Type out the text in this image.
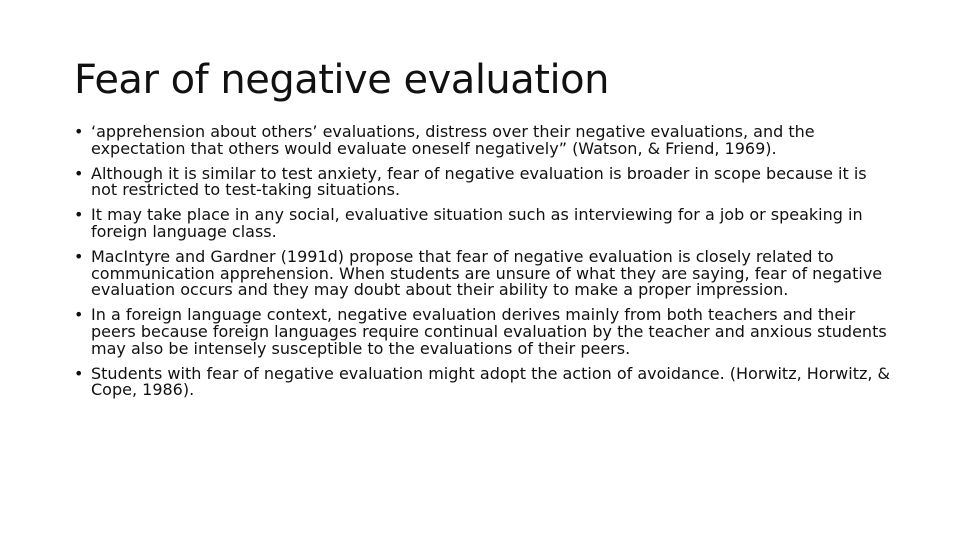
Fear of negative evaluation
• ‘apprehension about others’ evaluations, distress over their negative evaluations, and the expectation that others would evaluate oneself negatively” (Watson, & Friend, 1969).
• Although it is similar to test anxiety, fear of negative evaluation is broader in scope because it is not restricted to test-taking situations.
• It may take place in any social, evaluative situation such as interviewing for a job or speaking in foreign language class.
• MacIntyre and Gardner (1991d) propose that fear of negative evaluation is closely related to communication apprehension. When students are unsure of what they are saying, fear of negative evaluation occurs and they may doubt about their ability to make a proper impression.
• In a foreign language context, negative evaluation derives mainly from both teachers and their peers because foreign languages require continual evaluation by the teacher and anxious students may also be intensely susceptible to the evaluations of their peers.
• Students with fear of negative evaluation might adopt the action of avoidance. (Horwitz, Horwitz, & Cope, 1986).
